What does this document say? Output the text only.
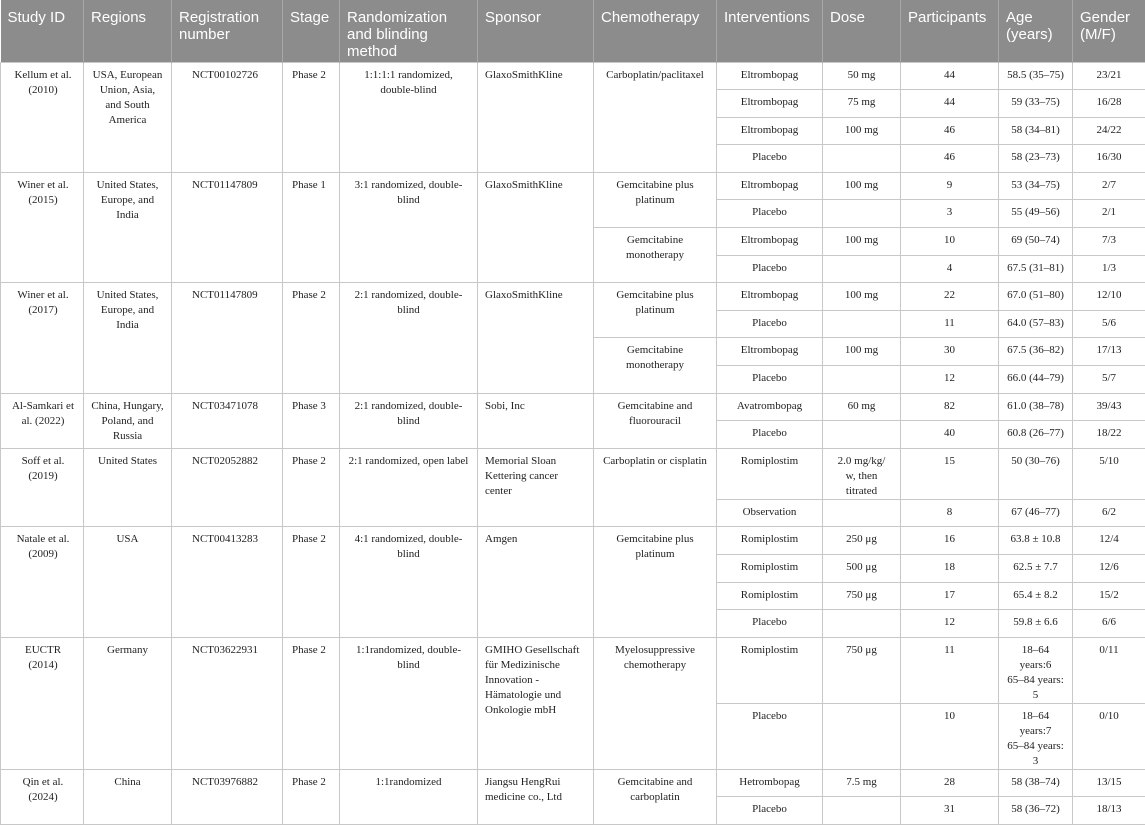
Study ID	Regions	Registration number	Stage	Randomization and blinding method	Sponsor	Chemotherapy	Interventions	Dose	Participants	Age (years)	Gender (M/F)
Kellum et al. (2010)	USA, European Union, Asia, and South America	NCT00102726	Phase 2	1:1:1:1 randomized, double-blind	GlaxoSmithKline	Carboplatin/paclitaxel	Eltrombopag	50 mg	44	58.5 (35–75)	23/21
							Eltrombopag	75 mg	44	59 (33–75)	16/28
							Eltrombopag	100 mg	46	58 (34–81)	24/22
							Placebo		46	58 (23–73)	16/30
Winer et al. (2015)	United States, Europe, and India	NCT01147809	Phase 1	3:1 randomized, double-blind	GlaxoSmithKline	Gemcitabine plus platinum	Eltrombopag	100 mg	9	53 (34–75)	2/7
							Placebo		3	55 (49–56)	2/1
						Gemcitabine monotherapy	Eltrombopag	100 mg	10	69 (50–74)	7/3
							Placebo		4	67.5 (31–81)	1/3
Winer et al. (2017)	United States, Europe, and India	NCT01147809	Phase 2	2:1 randomized, double-blind	GlaxoSmithKline	Gemcitabine plus platinum	Eltrombopag	100 mg	22	67.0 (51–80)	12/10
							Placebo		11	64.0 (57–83)	5/6
						Gemcitabine monotherapy	Eltrombopag	100 mg	30	67.5 (36–82)	17/13
							Placebo		12	66.0 (44–79)	5/7
Al-Samkari et al. (2022)	China, Hungary, Poland, and Russia	NCT03471078	Phase 3	2:1 randomized, double-blind	Sobi, Inc	Gemcitabine and fluorouracil	Avatrombopag	60 mg	82	61.0 (38–78)	39/43
							Placebo		40	60.8 (26–77)	18/22
Soff et al. (2019)	United States	NCT02052882	Phase 2	2:1 randomized, open label	Memorial Sloan Kettering cancer center	Carboplatin or cisplatin	Romiplostim	2.0 mg/kg/
w, then
titrated	15	50 (30–76)	5/10
							Observation		8	67 (46–77)	6/2
Natale et al. (2009)	USA	NCT00413283	Phase 2	4:1 randomized, double-blind	Amgen	Gemcitabine plus platinum	Romiplostim	250 μg	16	63.8 ± 10.8	12/4
							Romiplostim	500 μg	18	62.5 ± 7.7	12/6
							Romiplostim	750 μg	17	65.4 ± 8.2	15/2
							Placebo		12	59.8 ± 6.6	6/6
EUCTR (2014)	Germany	NCT03622931	Phase 2	1:1randomized, double-blind	GMIHO Gesellschaft für Medizinische Innovation - Hämatologie und Onkologie mbH	Myelosuppressive chemotherapy	Romiplostim	750 μg	11	18–64 years:6
65–84 years:
5	0/11
							Placebo		10	18–64 years:7
65–84 years:
3	0/10
Qin et al. (2024)	China	NCT03976882	Phase 2	1:1randomized	Jiangsu HengRui medicine co., Ltd	Gemcitabine and carboplatin	Hetrombopag	7.5 mg	28	58 (38–74)	13/15
							Placebo		31	58 (36–72)	18/13
